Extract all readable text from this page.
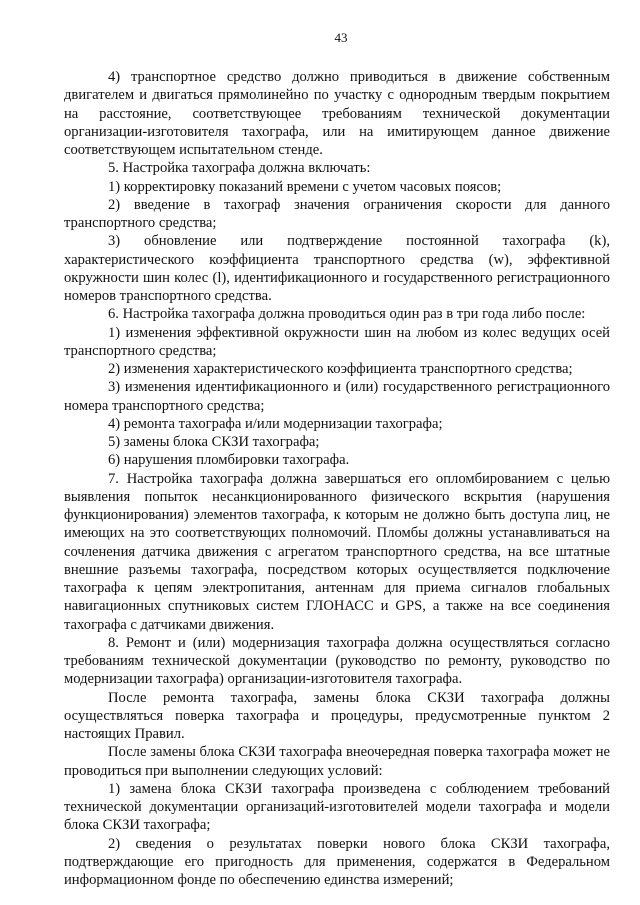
43

4) транспортное средство должно приводиться в движение собственным двигателем и двигаться прямолинейно по участку с однородным твердым покрытием на расстояние, соответствующее требованиям технической документации организации-изготовителя тахографа, или на имитирующем данное движение соответствующем испытательном стенде.

5. Настройка тахографа должна включать:

1) корректировку показаний времени с учетом часовых поясов;

2) введение в тахограф значения ограничения скорости для данного транспортного средства;

3) обновление или подтверждение постоянной тахографа (k), характеристического коэффициента транспортного средства (w), эффективной окружности шин колес (l), идентификационного и государственного регистрационного номеров транспортного средства.

6. Настройка тахографа должна проводиться один раз в три года либо после:

1) изменения эффективной окружности шин на любом из колес ведущих осей транспортного средства;

2) изменения характеристического коэффициента транспортного средства;

3) изменения идентификационного и (или) государственного регистрационного номера транспортного средства;

4) ремонта тахографа и/или модернизации тахографа;

5) замены блока СКЗИ тахографа;

6) нарушения пломбировки тахографа.

7. Настройка тахографа должна завершаться его опломбированием с целью выявления попыток несанкционированного физического вскрытия (нарушения функционирования) элементов тахографа, к которым не должно быть доступа лиц, не имеющих на это соответствующих полномочий. Пломбы должны устанавливаться на сочленения датчика движения с агрегатом транспортного средства, на все штатные внешние разъемы тахографа, посредством которых осуществляется подключение тахографа к цепям электропитания, антеннам для приема сигналов глобальных навигационных спутниковых систем ГЛОНАСС и GPS, а также на все соединения тахографа с датчиками движения.

8. Ремонт и (или) модернизация тахографа должна осуществляться согласно требованиям технической документации (руководство по ремонту, руководство по модернизации тахографа) организации-изготовителя тахографа.

После ремонта тахографа, замены блока СКЗИ тахографа должны осуществляться поверка тахографа и процедуры, предусмотренные пунктом 2 настоящих Правил.

После замены блока СКЗИ тахографа внеочередная поверка тахографа может не проводиться при выполнении следующих условий:

1) замена блока СКЗИ тахографа произведена с соблюдением требований технической документации организаций-изготовителей модели тахографа и модели блока СКЗИ тахографа;

2) сведения о результатах поверки нового блока СКЗИ тахографа, подтверждающие его пригодность для применения, содержатся в Федеральном информационном фонде по обеспечению единства измерений;
